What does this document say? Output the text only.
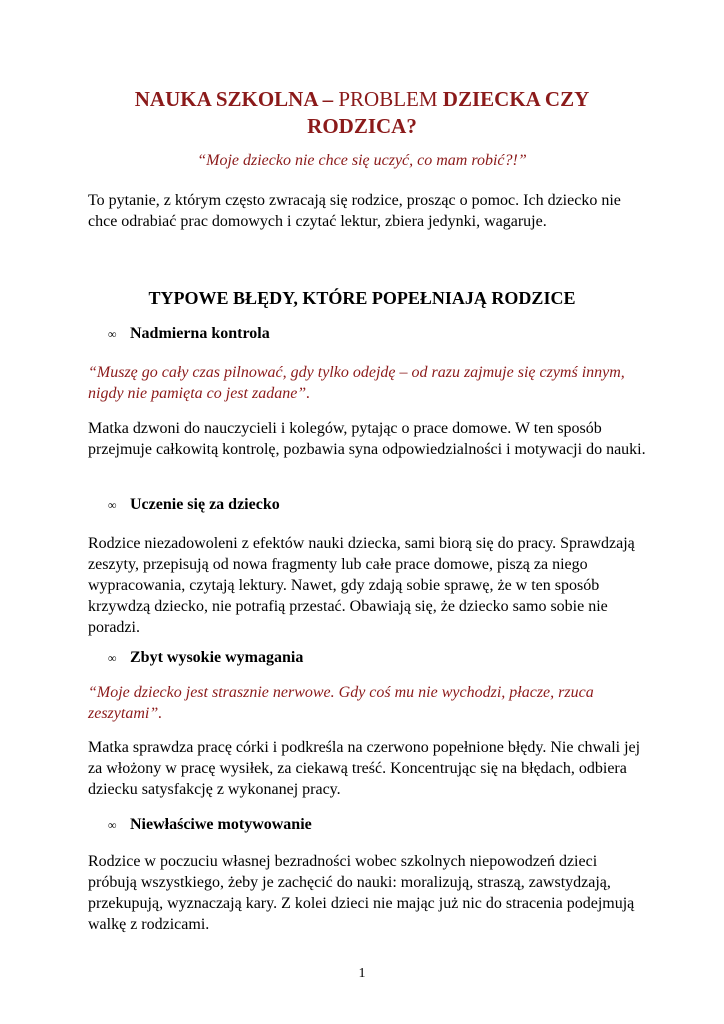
NAUKA SZKOLNA – PROBLEM DZIECKA CZY RODZICA?

“Moje dziecko nie chce się uczyć, co mam robić?!”

To pytanie, z którym często zwracają się rodzice, prosząc o pomoc. Ich dziecko nie chce odrabiać prac domowych i czytać lektur, zbiera jedynki, wagaruje.

TYPOWE BŁĘDY, KTÓRE POPEŁNIAJĄ RODZICE
∞ Nadmierna kontrola

“Muszę go cały czas pilnować, gdy tylko odejdę – od razu zajmuje się czymś innym, nigdy nie pamięta co jest zadane”.

Matka dzwoni do nauczycieli i kolegów, pytając o prace domowe. W ten sposób przejmuje całkowitą kontrolę, pozbawia syna odpowiedzialności i motywacji do nauki.

∞ Uczenie się za dziecko

Rodzice niezadowoleni z efektów nauki dziecka, sami biorą się do pracy. Sprawdzają zeszyty, przepisują od nowa fragmenty lub całe prace domowe, piszą za niego wypracowania, czytają lektury. Nawet, gdy zdają sobie sprawę, że w ten sposób krzywdzą dziecko, nie potrafią przestać. Obawiają się, że dziecko samo sobie nie poradzi.

∞ Zbyt wysokie wymagania

“Moje dziecko jest strasznie nerwowe. Gdy coś mu nie wychodzi, płacze, rzuca zeszytami”.

Matka sprawdza pracę córki i podkreśla na czerwono popełnione błędy. Nie chwali jej za włożony w pracę wysiłek, za ciekawą treść. Koncentrując się na błędach, odbiera dziecku satysfakcję z wykonanej pracy.

∞ Niewłaściwe motywowanie

Rodzice w poczuciu własnej bezradności wobec szkolnych niepowodzeń dzieci próbują wszystkiego, żeby je zachęcić do nauki: moralizują, straszą, zawstydzają, przekupują, wyznaczają kary. Z kolei dzieci nie mając już nic do stracenia podejmują walkę z rodzicami.

1
